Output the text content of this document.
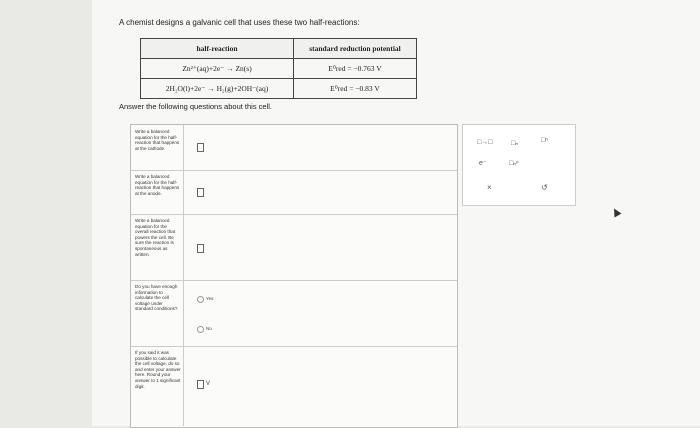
A chemist designs a galvanic cell that uses these two half-reactions:
half-reaction	standard reduction potential
Zn²⁺(aq)+2e⁻ → Zn(s)	E⁰red = −0.763 V
2H₂O(l)+2e⁻ → H₂(g)+2OH⁻(aq)	E⁰red = −0.83 V
Answer the following questions about this cell.
Write a balanced equation for the half-reaction that happens at the cathode.
Write a balanced equation for the half-reaction that happens at the anode.
Write a balanced equation for the overall reaction that powers the cell. Be sure the reaction is spontaneous as written.
Do you have enough information to calculate the cell voltage under standard conditions?
Yes
No
If you said it was possible to calculate the cell voltage, do so and enter your answer here. Round your answer to 1 significant digit.	V
□→□	□ₙ	□ⁿ
e⁻	□ₙⁿ
×	↺
